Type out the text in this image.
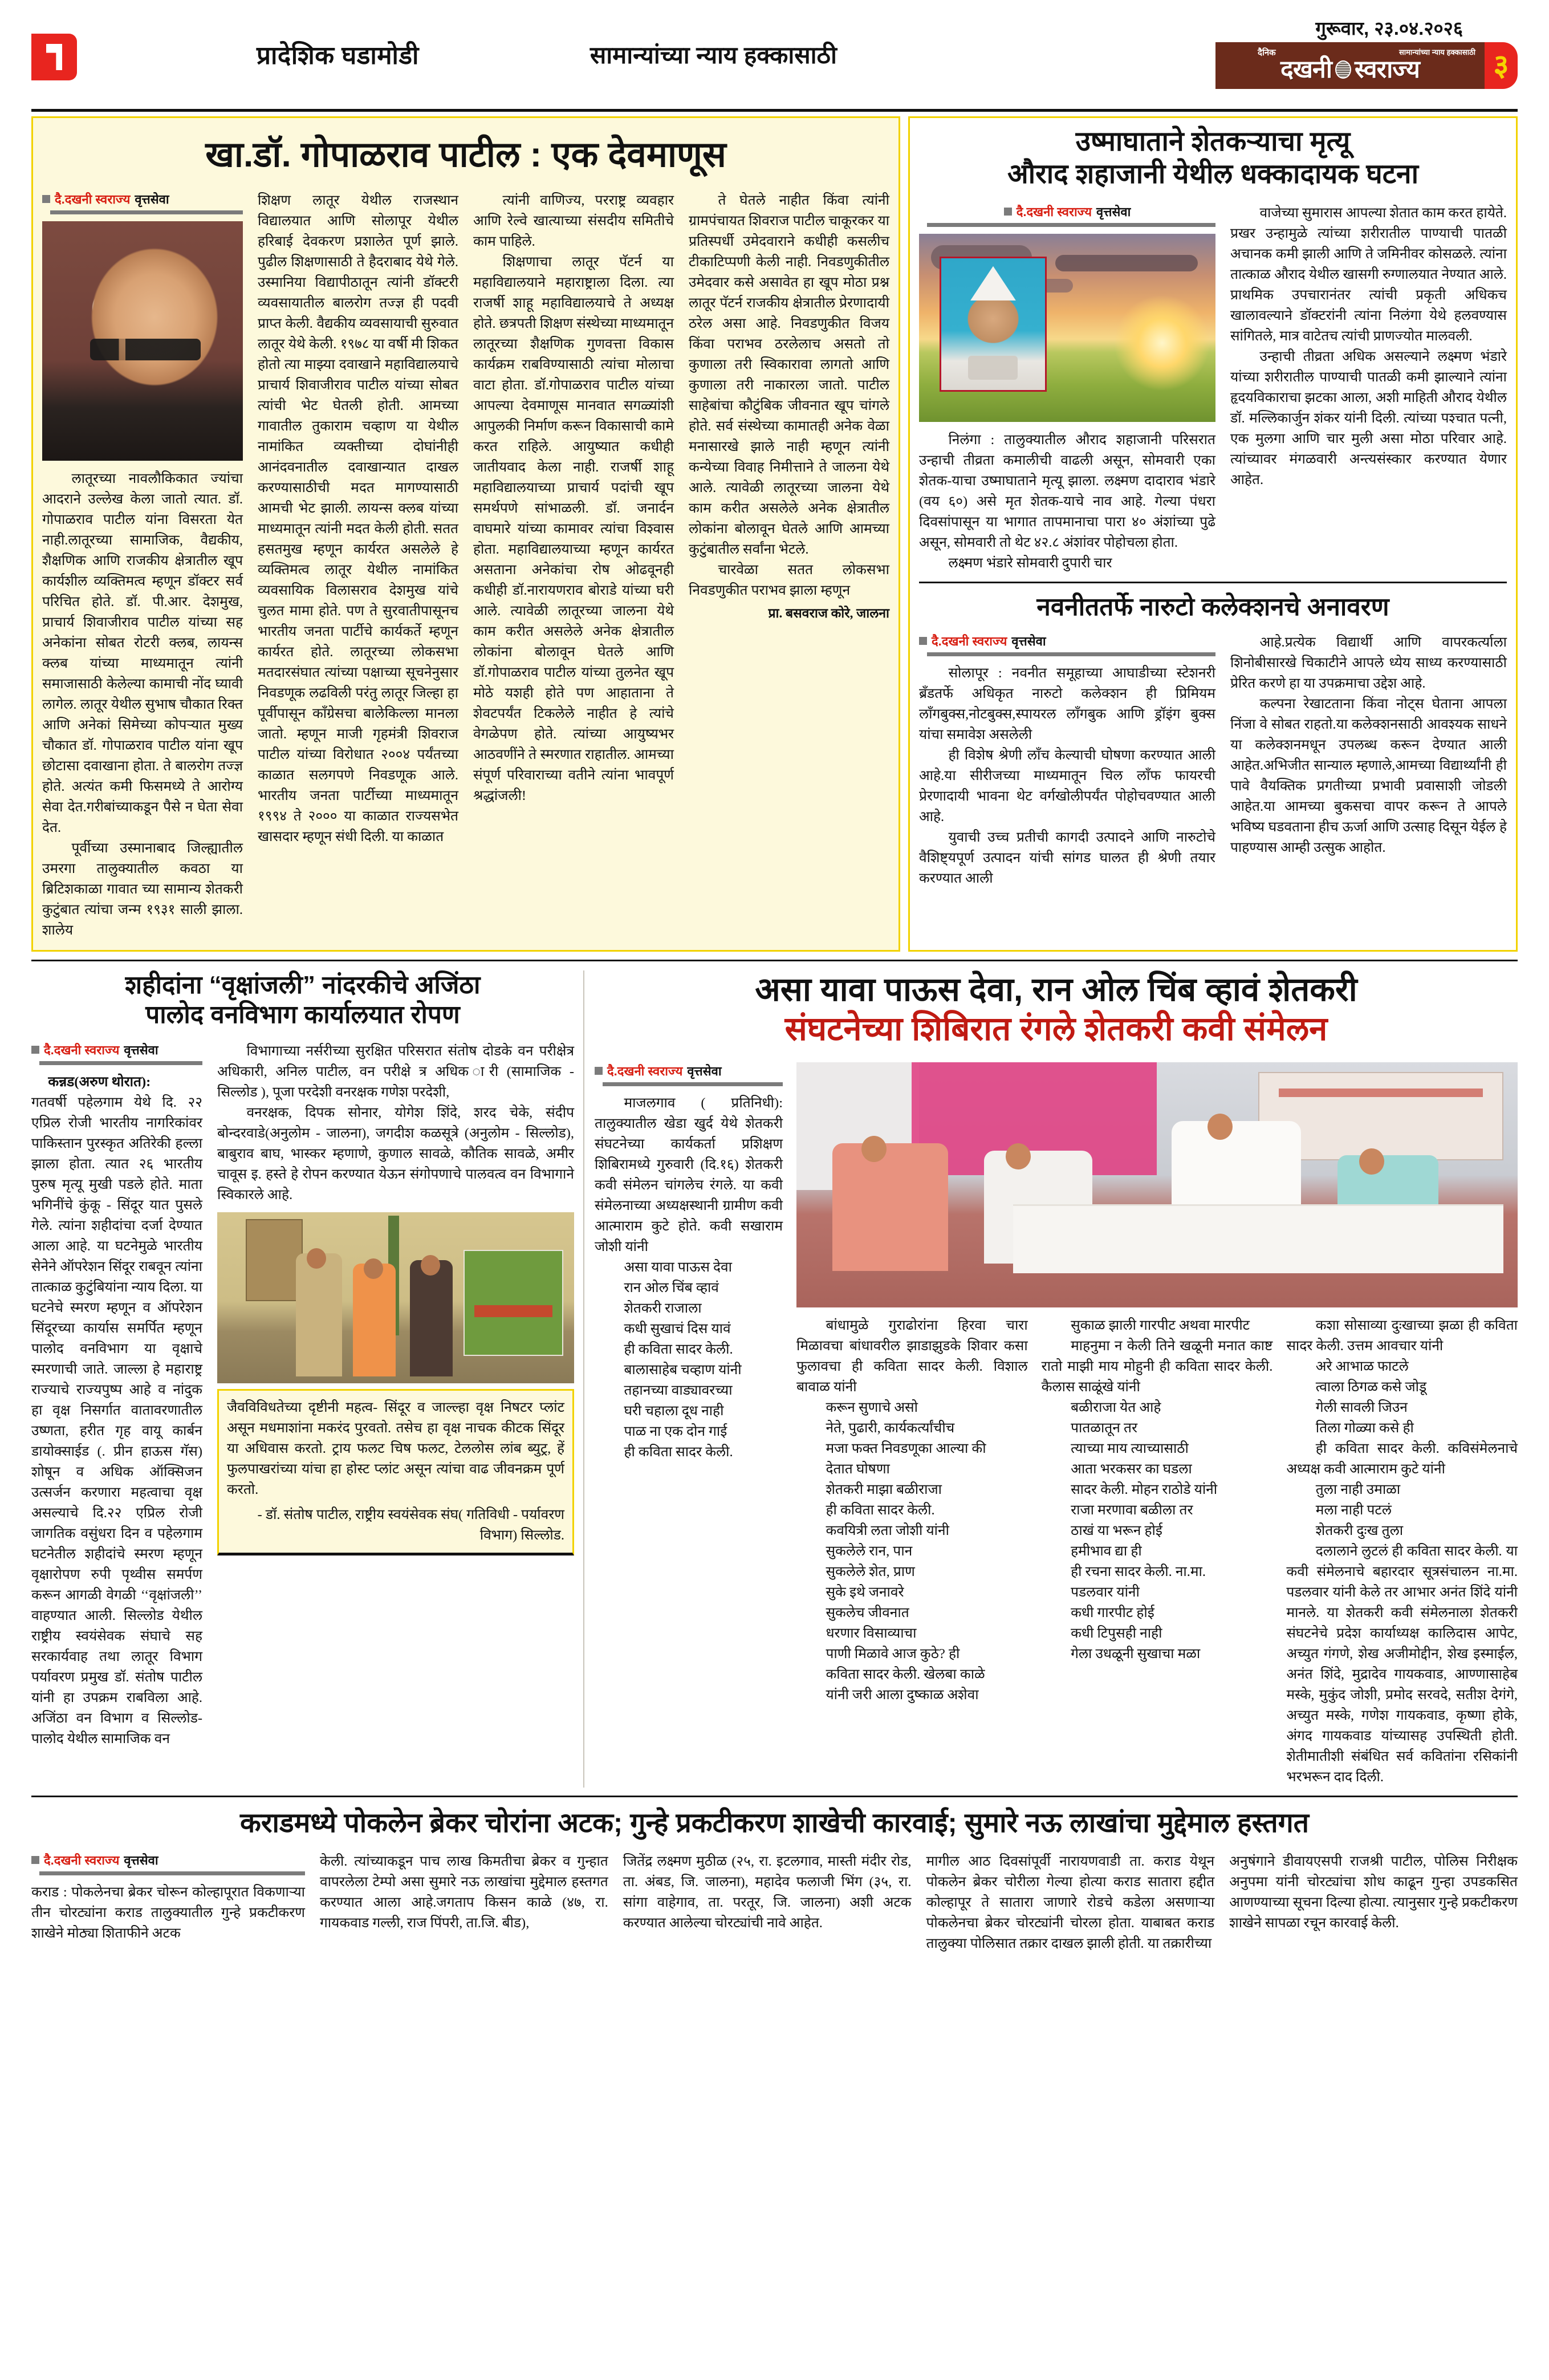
प्रादेशिक घडामोडी	सामान्यांच्या न्याय हक्कासाठी
गुरूवार, २३.०४.२०२६
दैनिक	सामान्यांच्या न्याय हक्कासाठी
दखनी स्वराज्य ३
खा.डॉ. गोपाळराव पाटील : एक देवमाणूस
दै.दखनी स्वराज्य वृत्तसेवा

लातूरच्या नावलौकिकात ज्यांचा आदराने उल्लेख केला जातो त्यात. डॉ. गोपाळराव पाटील यांना विसरता येत नाही.लातूरच्या सामाजिक, वैद्यकीय, शैक्षणिक आणि राजकीय क्षेत्रातील खूप कार्यशील व्यक्तिमत्व म्हणून डॉक्टर सर्व परिचित होते. डॉ. पी.आर. देशमुख, प्राचार्य शिवाजीराव पाटील यांच्या सह अनेकांना सोबत रोटरी क्लब, लायन्स क्लब यांच्या माध्यमातून त्यांनी समाजासाठी केलेल्या कामाची नोंद घ्यावी लागेल. लातूर येथील सुभाष चौकात रिक्त आणि अनेकां सिमेच्या कोपऱ्यात मुख्य चौकात डॉ. गोपाळराव पाटील यांना खूप छोटासा दवाखाना होता. ते बालरोग तज्ज्ञ होते. अत्यंत कमी फिसमध्ये ते आरोग्य सेवा देत.गरीबांच्याकडून पैसे न घेता सेवा देत.

पूर्वीच्या उस्मानाबाद जिल्ह्यातील उमरगा तालुक्यातील कवठा या ब्रिटिशकाळा गावात च्या सामान्य शेतकरी कुटुंबात त्यांचा जन्म १९३१ साली झाला. शालेय

शिक्षण लातूर येथील राजस्थान विद्यालयात आणि सोलापूर येथील हरिबाई देवकरण प्रशालेत पूर्ण झाले. पुढील शिक्षणासाठी ते हैदराबाद येथे गेले. उस्मानिया विद्यापीठातून त्यांनी डॉक्टरी व्यवसायातील बालरोग तज्ज्ञ ही पदवी प्राप्त केली. वैद्यकीय व्यवसायाची सुरुवात लातूर येथे केली. १९७८ या वर्षी मी शिकत होतो त्या माझ्या दवाखाने महाविद्यालयाचे प्राचार्य शिवाजीराव पाटील यांच्या सोबत त्यांची भेट घेतली होती. आमच्या गावातील तुकाराम चव्हाण या येथील नामांकित व्यक्तीच्या दोघांनीही आनंदवनातील दवाखान्यात दाखल करण्यासाठीची मदत मागण्यासाठी आमची भेट झाली. लायन्स क्लब यांच्या माध्यमातून त्यांनी मदत केली होती. सतत हसतमुख म्हणून कार्यरत असलेले हे व्यक्तिमत्व लातूर येथील नामांकित व्यवसायिक विलासराव देशमुख यांचे चुलत मामा होते. पण ते सुरवातीपासूनच भारतीय जनता पार्टीचे कार्यकर्ते म्हणून कार्यरत होते. लातूरच्या लोकसभा मतदारसंघात त्यांच्या पक्षाच्या सूचनेनुसार निवडणूक लढविली परंतु लातूर जिल्हा हा पूर्वीपासून काँग्रेसचा बालेकिल्ला मानला जातो. म्हणून माजी गृहमंत्री शिवराज पाटील यांच्या विरोधात २००४ पर्यंतच्या काळात सलगपणे निवडणूक आले. भारतीय जनता पार्टीच्या माध्यमातून १९९४ ते २००० या काळात राज्यसभेत खासदार म्हणून संधी दिली. या काळात

त्यांनी वाणिज्य, परराष्ट्र व्यवहार आणि रेल्वे खात्याच्या संसदीय समितीचे काम पाहिले.

शिक्षणाचा लातूर पॅटर्न या महाविद्यालयाने महाराष्ट्राला दिला. त्या राजर्षी शाहू महाविद्यालयाचे ते अध्यक्ष होते. छत्रपती शिक्षण संस्थेच्या माध्यमातून लातूरच्या शैक्षणिक गुणवत्ता विकास कार्यक्रम राबविण्यासाठी त्यांचा मोलाचा वाटा होता. डॉ.गोपाळराव पाटील यांच्या आपल्या देवमाणूस मानवात सगळ्यांशी आपुलकी निर्माण करून विकासाची कामे करत राहिले. आयुष्यात कधीही जातीयवाद केला नाही. राजर्षी शाहू महाविद्यालयाच्या प्राचार्य पदांची खूप समर्थपणे सांभाळली. डॉ. जनार्दन वाघमारे यांच्या कामावर त्यांचा विश्वास होता. महाविद्यालयाच्या म्हणून कार्यरत असताना अनेकांचा रोष ओढवूनही कधीही डॉ.नारायणराव बोराडे यांच्या घरी आले. त्यावेळी लातूरच्या जालना येथे काम करीत असलेले अनेक क्षेत्रातील लोकांना बोलावून घेतले आणि डॉ.गोपाळराव पाटील यांच्या तुलनेत खूप मोठे यशही होते पण आहाताना ते शेवटपर्यंत टिकलेले नाहीत हे त्यांचे वेगळेपण होते. त्यांच्या आयुष्यभर आठवणींने ते स्मरणात राहातील. आमच्या संपूर्ण परिवाराच्या वतीने त्यांना भावपूर्ण श्रद्धांजली!

ते घेतले नाहीत किंवा त्यांनी ग्रामपंचायत शिवराज पाटील चाकूरकर या प्रतिस्पर्धी उमेदवाराने कधीही कसलीच टीकाटिप्पणी केली नाही. निवडणुकीतील उमेदवार कसे असावेत हा खूप मोठा प्रश्न लातूर पॅटर्न राजकीय क्षेत्रातील प्रेरणादायी ठरेल असा आहे. निवडणुकीत विजय किंवा पराभव ठरलेलाच असतो तो कुणाला तरी स्विकारावा लागतो आणि कुणाला तरी नाकारला जातो. पाटील साहेबांचा कौटुंबिक जीवनात खूप चांगले होते. सर्व संस्थेच्या कामातही अनेक वेळा मनासारखे झाले नाही म्हणून त्यांनी कन्येच्या विवाह निमीत्ताने ते जालना येथे आले. त्यावेळी लातूरच्या जालना येथे काम करीत असलेले अनेक क्षेत्रातील लोकांना बोलावून घेतले आणि आमच्या कुटुंबातील सर्वांना भेटले.

चारवेळा सतत लोकसभा निवडणुकीत पराभव झाला म्हणून

प्रा. बसवराज कोरे, जालना
उष्माघाताने शेतकऱ्याचा मृत्यू
औराद शहाजानी येथील धक्कादायक घटना
दै.दखनी स्वराज्य वृत्तसेवा

निलंगा : तालुक्यातील औराद शहाजानी परिसरात उन्हाची तीव्रता कमालीची वाढली असून, सोमवारी एका शेतक-याचा उष्माघाताने मृत्यू झाला. लक्ष्मण दादाराव भंडारे (वय ६०) असे मृत शेतक-याचे नाव आहे. गेल्या पंधरा दिवसांपासून या भागात तापमानाचा पारा ४० अंशांच्या पुढे असून, सोमवारी तो थेट ४२.८ अंशांवर पोहोचला होता.

लक्ष्मण भंडारे सोमवारी दुपारी चार

वाजेच्या सुमारास आपल्या शेतात काम करत हायेते. प्रखर उन्हामुळे त्यांच्या शरीरातील पाण्याची पातळी अचानक कमी झाली आणि ते जमिनीवर कोसळले. त्यांना तात्काळ औराद येथील खासगी रुग्णालयात नेण्यात आले. प्राथमिक उपचारानंतर त्यांची प्रकृती अधिकच खालावल्याने डॉक्टरांनी त्यांना निलंगा येथे हलवण्यास सांगितले, मात्र वाटेतच त्यांची प्राणज्योत मालवली.

उन्हाची तीव्रता अधिक असल्याने लक्ष्मण भंडारे यांच्या शरीरातील पाण्याची पातळी कमी झाल्याने त्यांना हृदयविकाराचा झटका आला, अशी माहिती औराद येथील डॉ. मल्लिकार्जुन शंकर यांनी दिली. त्यांच्या पश्चात पत्नी, एक मुलगा आणि चार मुली असा मोठा परिवार आहे. त्यांच्यावर मंगळवारी अन्त्यसंस्कार करण्यात येणार आहेत.

नवनीततर्फे नारुटो कलेक्शनचे अनावरण
दै.दखनी स्वराज्य वृत्तसेवा

सोलापूर : नवनीत समूहाच्या आघाडीच्या स्टेशनरी ब्रँडतर्फे अधिकृत नारुटो कलेक्शन ही प्रिमियम लाँगबुक्स,नोटबुक्स,स्पायरल लाँगबुक आणि ड्रॉइंग बुक्स यांचा समावेश असलेली

ही विशेष श्रेणी लाँच केल्याची घोषणा करण्यात आली आहे.या सीरीजच्या माध्यमातून चिल लाँफ फायरची प्रेरणादायी भावना थेट वर्गखोलीपर्यंत पोहोचवण्यात आली आहे.

युवाची उच्च प्रतीची कागदी उत्पादने आणि नारुटोचे वैशिष्ट्यपूर्ण उत्पादन यांची सांगड घालत ही श्रेणी तयार करण्यात आली

आहे.प्रत्येक विद्यार्थी आणि वापरकर्त्याला शिनोबीसारखे चिकाटीने आपले ध्येय साध्य करण्यासाठी प्रेरित करणे हा या उपक्रमाचा उद्देश आहे.

कल्पना रेखाटताना किंवा नोट्स घेताना आपला निंजा वे सोबत राहतो.या कलेक्शनसाठी आवश्यक साधने या कलेक्शनमधून उपलब्ध करून देण्यात आली आहेत.अभिजीत सान्याल म्हणाले,आमच्या विद्यार्थ्यांनी ही पावे वैयक्तिक प्रगतीच्या प्रभावी प्रवासाशी जोडली आहेत.या आमच्या बुकसचा वापर करून ते आपले भविष्य घडवताना हीच ऊर्जा आणि उत्साह दिसून येईल हे पाहण्यास आम्ही उत्सुक आहोत.

शहीदांना “वृक्षांजली” नांदरकीचे अजिंठा
पालोद वनविभाग कार्यालयात रोपण
दै.दखनी स्वराज्य वृत्तसेवा
कन्नड(अरुण थोरात):
गतवर्षी पहेलगाम येथे दि. २२ एप्रिल रोजी भारतीय नागरिकांवर पाकिस्तान पुरस्कृत अतिरेकी हल्ला झाला होता. त्यात २६ भारतीय पुरुष मृत्यू मुखी पडले होते. माता भगिनींचे कुंकू - सिंदूर यात पुसले गेले. त्यांना शहीदांचा दर्जा देण्यात आला आहे. या घटनेमुळे भारतीय सेनेने ऑपरेशन सिंदूर राबवून त्यांना तात्काळ कुटुंबियांना न्याय दिला. या घटनेचे स्मरण म्हणून व ऑपरेशन सिंदूरच्या कार्यास समर्पित म्हणून पालोद वनविभाग या वृक्षाचे स्मरणाची जाते. जाल्ला हे महाराष्ट्र राज्याचे राज्यपुष्प आहे व नांदुक हा वृक्ष निसर्गात वातावरणातील उष्णता, हरीत गृह वायू कार्बन डायोक्साईड (. प्रीन हाऊस गॅस) शोषून व अधिक ऑक्सिजन उत्सर्जन करणारा महत्वाचा वृक्ष असल्याचे दि.२२ एप्रिल रोजी जागतिक वसुंधरा दिन व पहेलगाम घटनेतील शहीदांचे स्मरण म्हणून वृक्षारोपण रुपी पृथ्वीस समर्पण करून आगळी वेगळी ‘‘वृक्षांजली’’ वाहण्यात आली. सिल्लोड येथील राष्ट्रीय स्वयंसेवक संघाचे सह सरकार्यवाह तथा लातूर विभाग पर्यावरण प्रमुख डॉ. संतोष पाटील यांनी हा उपक्रम राबविला आहे. अजिंठा वन विभाग व सिल्लोड- पालोद येथील सामाजिक वन

विभागाच्या नर्सरीच्या सुरक्षित परिसरात संतोष दोडके वन परीक्षेत्र अधिकारी, अनिल पाटील, वन परीक्षे त्र अधिक ारी (सामाजिक - सिल्लोड ), पूजा परदेशी वनरक्षक गणेश परदेशी,

वनरक्षक, दिपक सोनार, योगेश शिंदे, शरद चेके, संदीप बोन्दरवाडे(अनुलोम - जालना), जगदीश कळसूत्रे (अनुलोम - सिल्लोड), बाबुराव बाघ, भास्कर म्हणाणे, कुणाल सावळे, कौतिक सावळे, अमीर चावूस इ. हस्ते हे रोपन करण्यात येऊन संगोपणाचे पालवत्व वन विभागाने स्विकारले आहे.

जैवविविधतेच्या दृष्टीनी महत्व- सिंदूर व जाल्ल्हा वृक्ष निषटर प्लांट असून मधमाशांना मकरंद पुरवतो. तसेच हा वृक्ष नाचक कीटक सिंदूर या अधिवास करतो. ट्राय फलट चिष फलट, टेललोस लांब ब्युट्र, हें फुलपाखरांच्या यांचा हा होस्ट प्लांट असून त्यांचा वाढ जीवनक्रम पूर्ण करतो.
- डॉ. संतोष पाटील, राष्ट्रीय स्वयंसेवक संघ( गतिविधी - पर्यावरण विभाग) सिल्लोड.
असा यावा पाऊस देवा, रान ओल चिंब व्हावं शेतकरी
संघटनेच्या शिबिरात रंगले शेतकरी कवी संमेलन
दै.दखनी स्वराज्य वृत्तसेवा

माजलगाव ( प्रतिनिधी): तालुक्यातील खेडा खुर्द येथे शेतकरी संघटनेच्या कार्यकर्ता प्रशिक्षण शिबिरामध्ये गुरुवारी (दि.१६) शेतकरी कवी संमेलन चांगलेच रंगले. या कवी संमेलनाच्या अध्यक्षस्थानी ग्रामीण कवी आत्माराम कुटे होते. कवी सखाराम जोशी यांनी

असा यावा पाऊस देवा

रान ओल चिंब व्हावं

शेतकरी राजाला

कधी सुखाचं दिस यावं

ही कविता सादर केली.

बालासाहेब चव्हाण यांनी

तहानच्या वाड्यावरच्या

घरी चहाला दूध नाही

पाळ ना एक दोन गाई

ही कविता सादर केली.

बांधामुळे गुराढोरांना हिरवा चारा मिळावचा बांधावरील झाडाझुडके शिवार कसा फुलावचा ही कविता सादर केली. विशाल बावाळ यांनी

करून सुणाचे असो

नेते, पुढारी, कार्यकर्त्यांचीच

मजा फक्त निवडणूका आल्या की

देतात घोषणा

शेतकरी माझा बळीराजा

ही कविता सादर केली.

कवयित्री लता जोशी यांनी

सुकलेले रान, पान

सुकलेले शेत, प्राण

सुके इथे जनावरे

सुकलेच जीवनात

धरणार विसाव्याचा

पाणी मिळावे आज कुठे? ही

कविता सादर केली. खेलबा काळे

यांनी जरी आला दुष्काळ अशेवा

सुकाळ झाली गारपीट अथवा मारपीट

माहनुमा न केली तिने खळूनी मनात काष्ट रातो माझी माय मोहुनी ही कविता सादर केली. कैलास साळूंखे यांनी

बळीराजा येत आहे

पातळातून तर

त्याच्या माय त्याच्यासाठी

आता भरकसर का घडला

सादर केली. मोहन राठोडे यांनी

राजा मरणावा बळीला तर

ठाखं या भरून होई

हमीभाव द्या ही

ही रचना सादर केली. ना.मा.

पडलवार यांनी

कधी गारपीट होई

कधी टिपुसही नाही

गेला उधळूनी सुखाचा मळा

कशा सोसाव्या दुःखाच्या झळा ही कविता सादर केली. उत्तम आवचार यांनी

अरे आभाळ फाटले

त्वाला ठिगळ कसे जोडू

गेली सावली जिउन

तिला गोळ्या कसे ही

ही कविता सादर केली. कविसंमेलनाचे अध्यक्ष कवी आत्माराम कुटे यांनी

तुला नाही उमाळा

मला नाही पटलं

शेतकरी दुःख तुला

दलालाने लुटलं ही कविता सादर केली. या कवी संमेलनाचे बहारदार सूत्रसंचालन ना.मा. पडलवार यांनी केले तर आभार अनंत शिंदे यांनी मानले. या शेतकरी कवी संमेलनाला शेतकरी संघटनेचे प्रदेश कार्याध्यक्ष कालिदास आपेट, अच्युत गंगणे, शेख अजीमोद्दीन, शेख इस्माईल, अनंत शिंदे, मुद्रादेव गायकवाड, आण्णासाहेब मस्के, मुकुंद जोशी, प्रमोद सरवदे, सतीश देगंगे, अच्युत मस्के, गणेश गायकवाड, कृष्णा होके, अंगद गायकवाड यांच्यासह उपस्थिती होती. शेतीमातीशी संबंधित सर्व कवितांना रसिकांनी भरभरून दाद दिली.

कराडमध्ये पोकलेन ब्रेकर चोरांना अटक; गुन्हे प्रकटीकरण शाखेची कारवाई; सुमारे नऊ लाखांचा मुद्देमाल हस्तगत
दै.दखनी स्वराज्य वृत्तसेवा
कराड : पोकलेनचा ब्रेकर चोरून कोल्हापूरात विकणाऱ्या तीन चोरट्यांना कराड तालुक्यातील गुन्हे प्रकटीकरण शाखेने मोठ्या शिताफीने अटक
केली. त्यांच्याकडून पाच लाख किमतीचा ब्रेकर व गुन्हात वापरलेला टेम्पो असा सुमारे नऊ लाखांचा मुद्देमाल हस्तगत करण्यात आला आहे.जगताप किसन काळे (४७, रा. गायकवाड गल्ली, राज पिंपरी, ता.जि. बीड),
जितेंद्र लक्ष्मण मुठीळ (२५, रा. इटलगाव, मास्ती मंदीर रोड, ता. अंबड, जि. जालना), महादेव फलाजी भिंग (३५, रा. सांगा वाहेगाव, ता. परतूर, जि. जालना) अशी अटक करण्यात आलेल्या चोरट्यांची नावे आहेत.
मागील आठ दिवसांपूर्वी नारायणवाडी ता. कराड येथून पोकलेन ब्रेकर चोरीला गेल्या होत्या कराड सातारा हद्दीत कोल्हापूर ते सातारा जाणारे रोडचे कडेला असणाऱ्या पोकलेनचा ब्रेकर चोरट्यांनी चोरला होता. याबाबत कराड तालुक्या पोलिसात तक्रार दाखल झाली होती. या तक्रारीच्या
अनुषंगाने डीवायएसपी राजश्री पाटील, पोलिस निरीक्षक अनुपमा यांनी चोरट्यांचा शोध काढून गुन्हा उपडकसित आणण्याच्या सूचना दिल्या होत्या. त्यानुसार गुन्हे प्रकटीकरण शाखेने सापळा रचून कारवाई केली.
